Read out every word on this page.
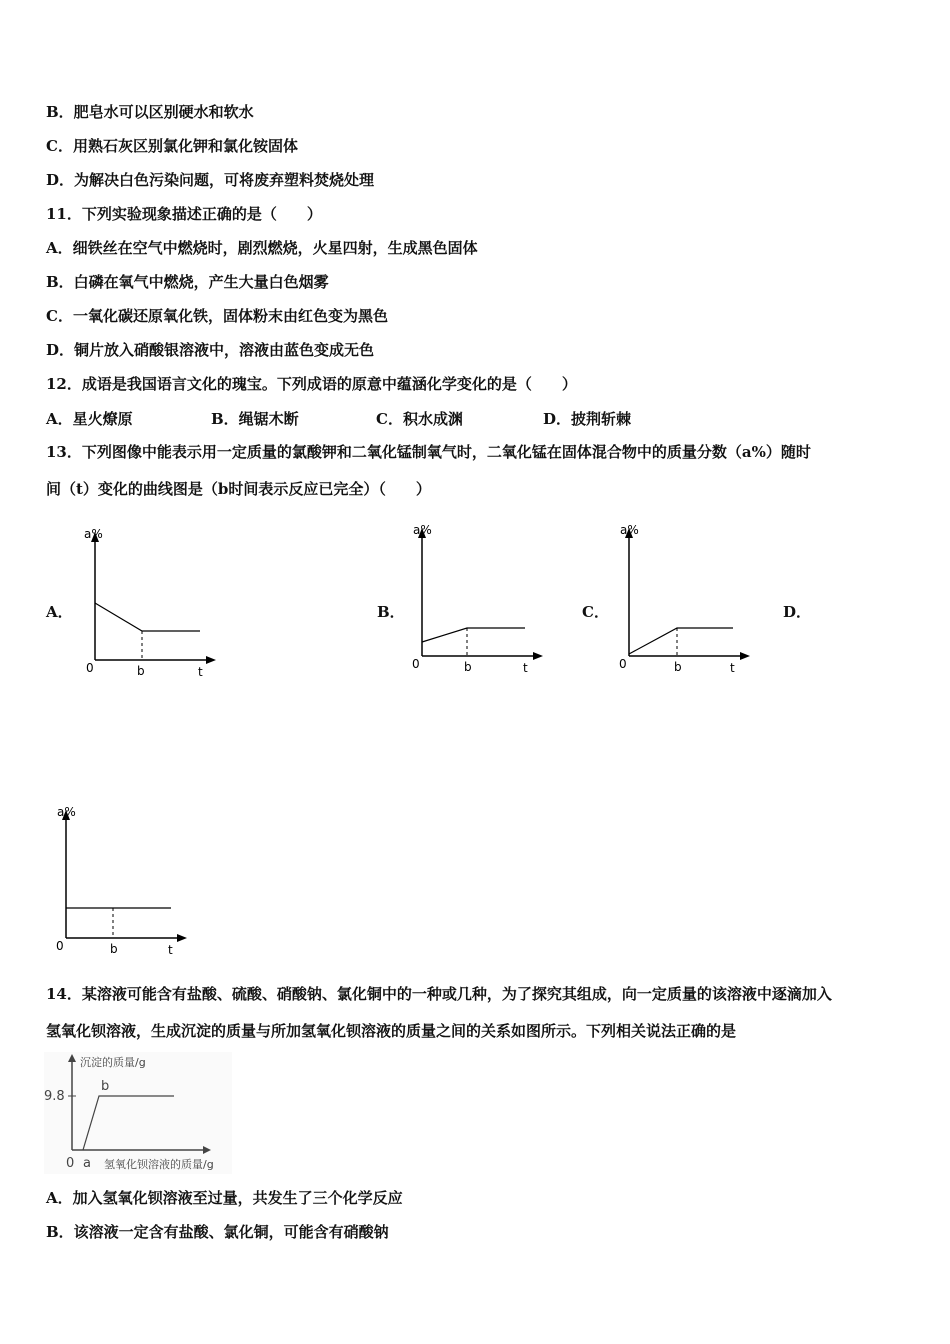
B．肥皂水可以区别硬水和软水
C．用熟石灰区别氯化钾和氯化铵固体
D．为解决白色污染问题，可将废弃塑料焚烧处理
11．下列实验现象描述正确的是（　　）
A．细铁丝在空气中燃烧时，剧烈燃烧，火星四射，生成黑色固体
B．白磷在氧气中燃烧，产生大量白色烟雾
C．一氧化碳还原氧化铁，固体粉末由红色变为黑色
D．铜片放入硝酸银溶液中，溶液由蓝色变成无色
12．成语是我国语言文化的瑰宝。下列成语的原意中蕴涵化学变化的是（　　）
A．星火燎原	B．绳锯木断	C．积水成渊	D．披荆斩棘
13．下列图像中能表示用一定质量的氯酸钾和二氧化锰制氧气时，二氧化锰在固体混合物中的质量分数（a%）随时
间（t）变化的曲线图是（b时间表示反应已完全）（　　）
A．	B．	C．	D．
a%
0	b	t
a%
0	b	t
a%
0	b	t
a%
0	b	t
14．某溶液可能含有盐酸、硫酸、硝酸钠、氯化铜中的一种或几种，为了探究其组成，向一定质量的该溶液中逐滴加入
氢氧化钡溶液，生成沉淀的质量与所加氢氧化钡溶液的质量之间的关系如图所示。下列相关说法正确的是
沉淀的质量/g
9.8
b
0 a 氢氧化钡溶液的质量/g
A．加入氢氧化钡溶液至过量，共发生了三个化学反应
B．该溶液一定含有盐酸、氯化铜，可能含有硝酸钠
